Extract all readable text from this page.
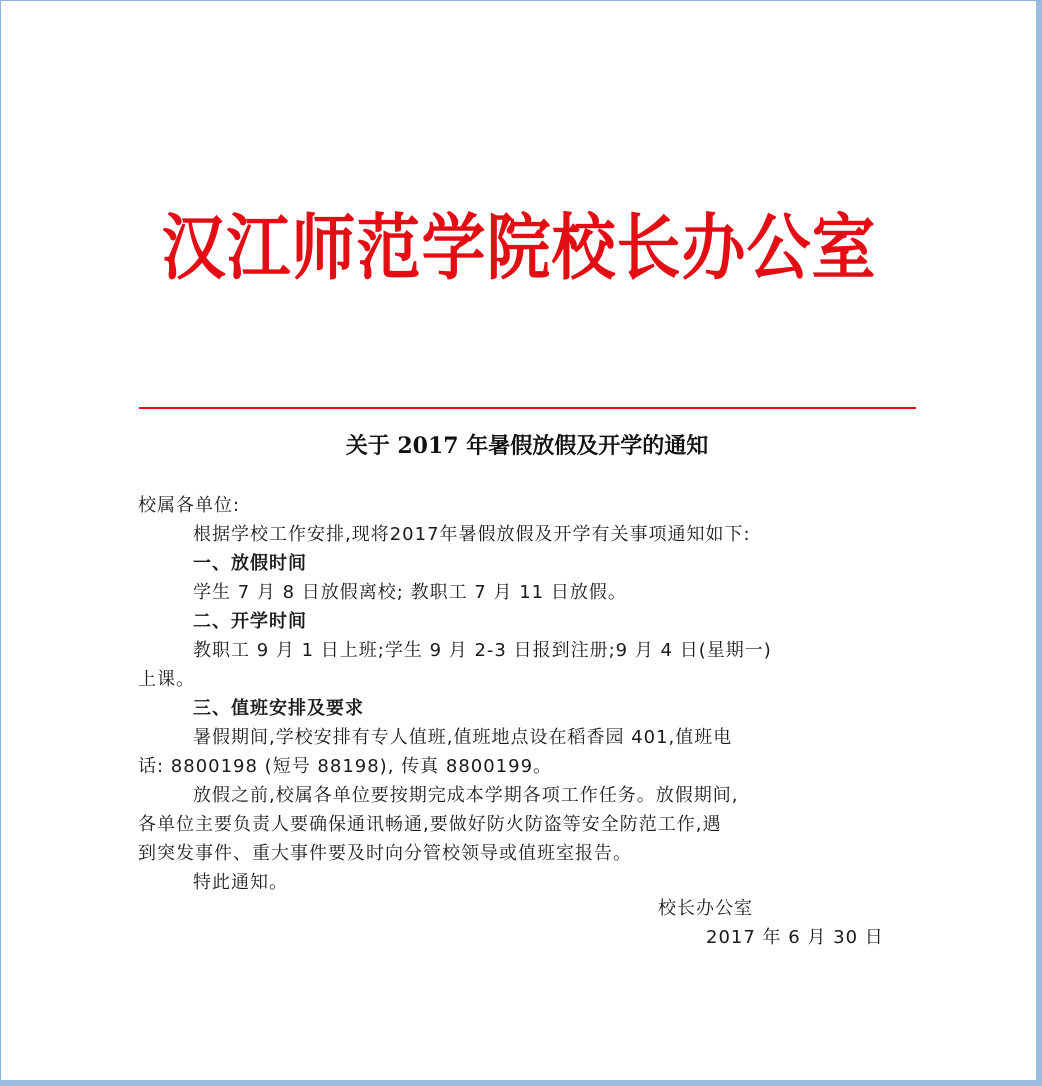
汉江师范学院校长办公室
关于 2017 年暑假放假及开学的通知
校属各单位:
根据学校工作安排,现将2017年暑假放假及开学有关事项通知如下:
一、放假时间
学生 7 月 8 日放假离校; 教职工 7 月 11 日放假。
二、开学时间
教职工 9 月 1 日上班;学生 9 月 2-3 日报到注册;9 月 4 日(星期一)
上课。
三、值班安排及要求
暑假期间,学校安排有专人值班,值班地点设在稻香园 401,值班电
话: 8800198 (短号 88198), 传真 8800199。
放假之前,校属各单位要按期完成本学期各项工作任务。放假期间,
各单位主要负责人要确保通讯畅通,要做好防火防盗等安全防范工作,遇
到突发事件、重大事件要及时向分管校领导或值班室报告。
特此通知。
校长办公室
2017 年 6 月 30 日
